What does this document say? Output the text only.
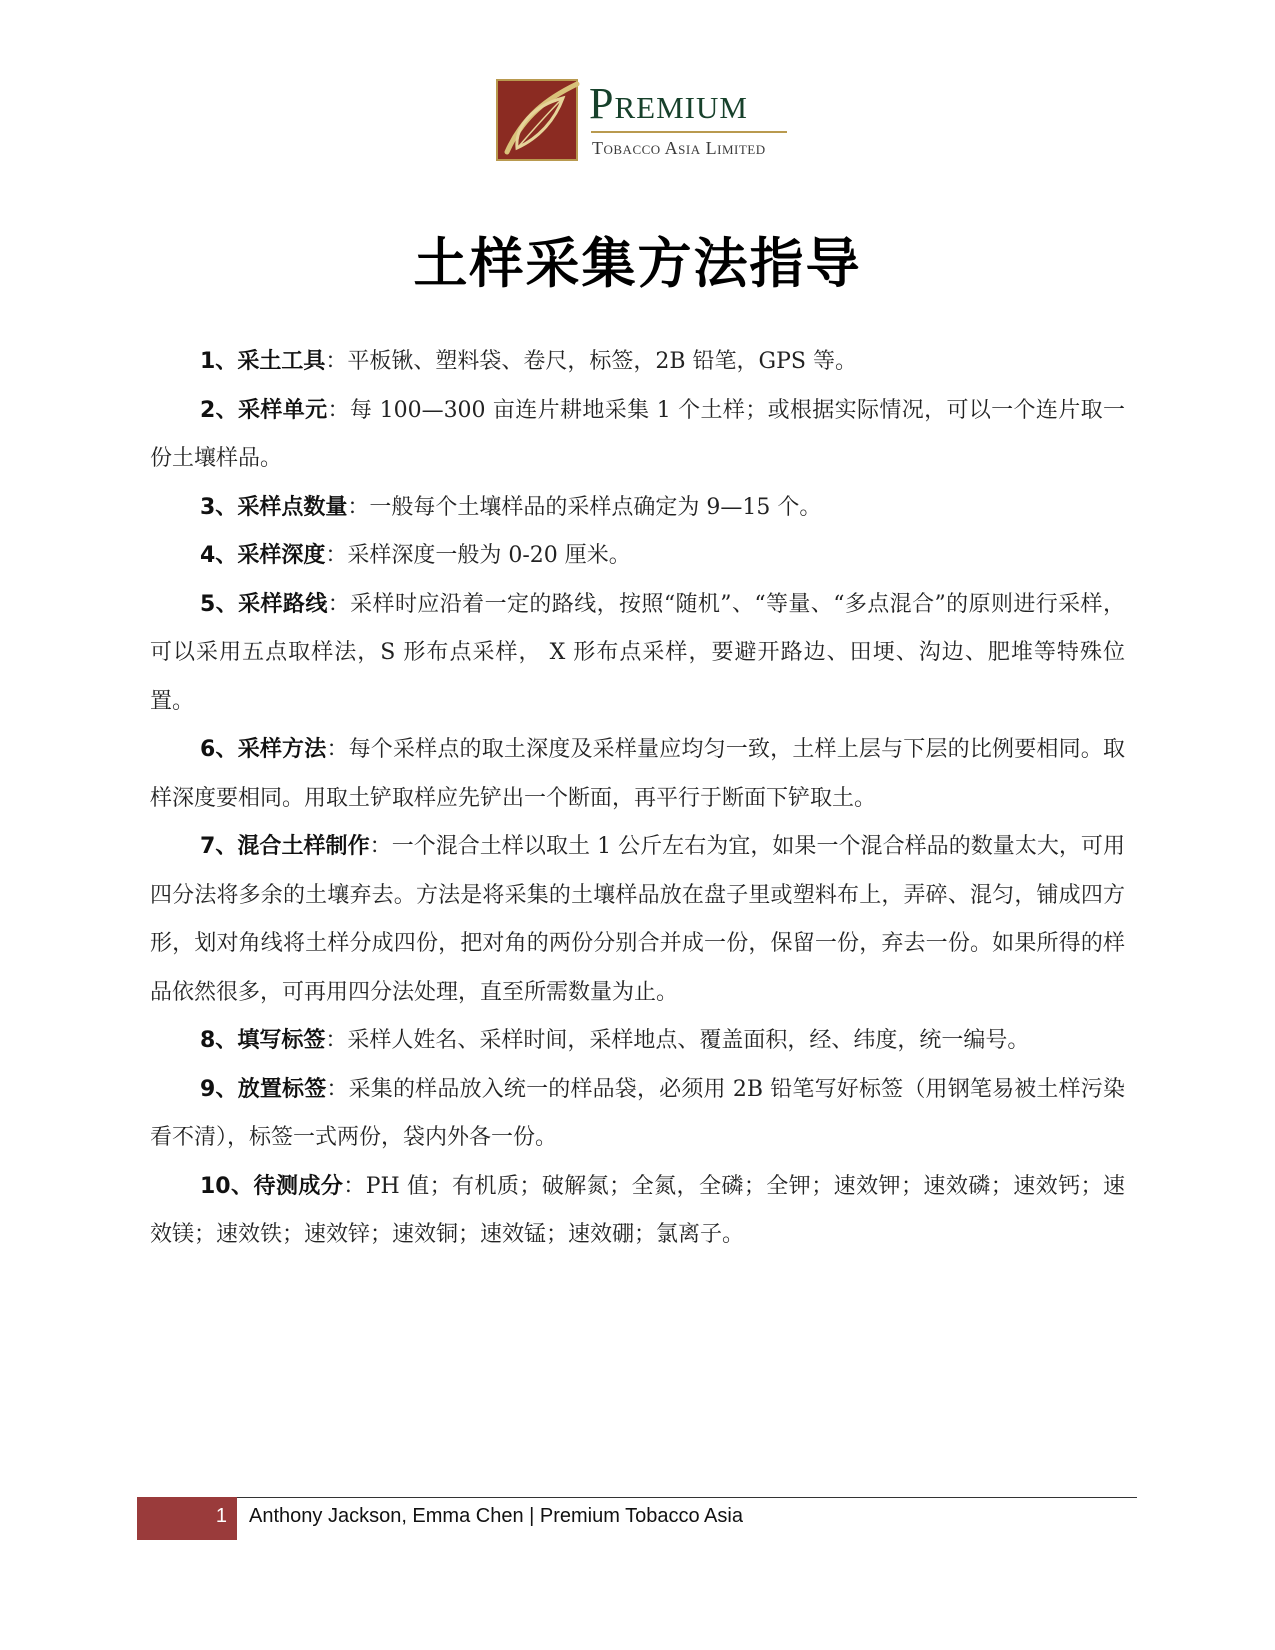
Premium
Tobacco Asia Limited
土样采集方法指导

1、采土工具：平板锹、塑料袋、卷尺，标签，2B 铅笔，GPS 等。

2、采样单元：每 100—300 亩连片耕地采集 1 个土样；或根据实际情况，可以一个连片取一份土壤样品。

3、采样点数量：一般每个土壤样品的采样点确定为 9—15 个。

4、采样深度：采样深度一般为 0-20 厘米。

5、采样路线：采样时应沿着一定的路线，按照“随机”、“等量、“多点混合”的原则进行采样，可以采用五点取样法，S 形布点采样， X 形布点采样，要避开路边、田埂、沟边、肥堆等特殊位置。

6、采样方法：每个采样点的取土深度及采样量应均匀一致，土样上层与下层的比例要相同。取样深度要相同。用取土铲取样应先铲出一个断面，再平行于断面下铲取土。

7、混合土样制作：一个混合土样以取土 1 公斤左右为宜，如果一个混合样品的数量太大，可用四分法将多余的土壤弃去。方法是将采集的土壤样品放在盘子里或塑料布上，弄碎、混匀，铺成四方形，划对角线将土样分成四份，把对角的两份分别合并成一份，保留一份，弃去一份。如果所得的样品依然很多，可再用四分法处理，直至所需数量为止。

8、填写标签：采样人姓名、采样时间，采样地点、覆盖面积，经、纬度，统一编号。

9、放置标签：采集的样品放入统一的样品袋，必须用 2B 铅笔写好标签（用钢笔易被土样污染看不清），标签一式两份，袋内外各一份。

10、待测成分：PH 值；有机质；破解氮；全氮，全磷；全钾；速效钾；速效磷；速效钙；速效镁；速效铁；速效锌；速效铜；速效锰；速效硼；氯离子。

1 Anthony Jackson, Emma Chen | Premium Tobacco Asia
